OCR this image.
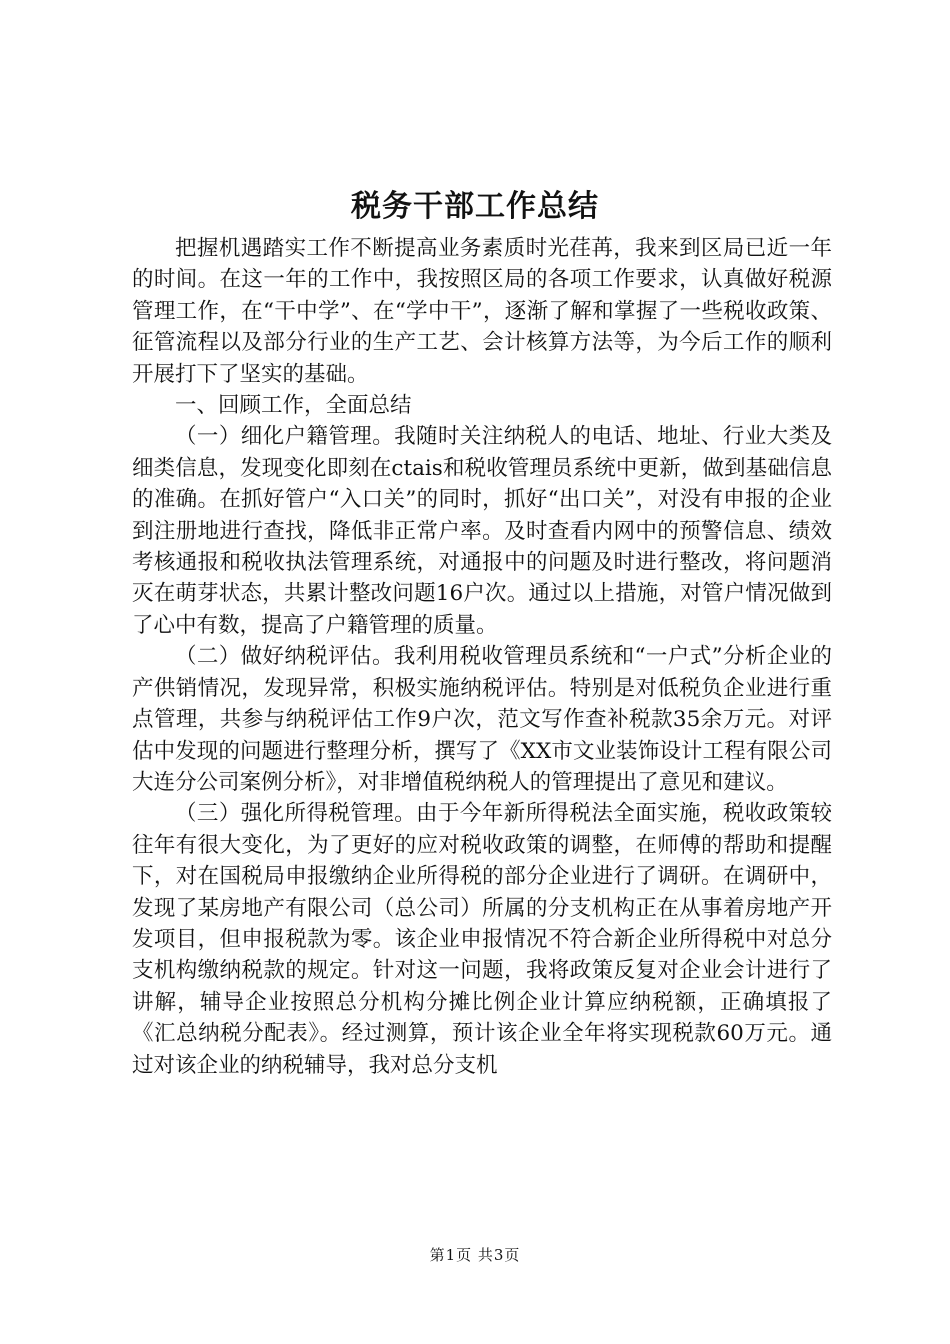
税务干部工作总结

把握机遇踏实工作不断提高业务素质时光荏苒，我来到区局已近一年的时间。在这一年的工作中，我按照区局的各项工作要求，认真做好税源管理工作，在“干中学”、在“学中干”，逐渐了解和掌握了一些税收政策、征管流程以及部分行业的生产工艺、会计核算方法等，为今后工作的顺利开展打下了坚实的基础。

一、回顾工作，全面总结

（一）细化户籍管理。我随时关注纳税人的电话、地址、行业大类及细类信息，发现变化即刻在ctais和税收管理员系统中更新，做到基础信息的准确。在抓好管户“入口关”的同时，抓好“出口关”，对没有申报的企业到注册地进行查找，降低非正常户率。及时查看内网中的预警信息、绩效考核通报和税收执法管理系统，对通报中的问题及时进行整改，将问题消灭在萌芽状态，共累计整改问题16户次。通过以上措施，对管户情况做到了心中有数，提高了户籍管理的质量。

（二）做好纳税评估。我利用税收管理员系统和“一户式”分析企业的产供销情况，发现异常，积极实施纳税评估。特别是对低税负企业进行重点管理，共参与纳税评估工作9户次，范文写作查补税款35余万元。对评估中发现的问题进行整理分析，撰写了《XX市文业装饰设计工程有限公司大连分公司案例分析》，对非增值税纳税人的管理提出了意见和建议。

（三）强化所得税管理。由于今年新所得税法全面实施，税收政策较往年有很大变化，为了更好的应对税收政策的调整，在师傅的帮助和提醒下，对在国税局申报缴纳企业所得税的部分企业进行了调研。在调研中，发现了某房地产有限公司（总公司）所属的分支机构正在从事着房地产开发项目，但申报税款为零。该企业申报情况不符合新企业所得税中对总分支机构缴纳税款的规定。针对这一问题，我将政策反复对企业会计进行了讲解，辅导企业按照总分机构分摊比例企业计算应纳税额，正确填报了《汇总纳税分配表》。经过测算，预计该企业全年将实现税款60万元。通过对该企业的纳税辅导，我对总分支机

第1页 共3页
